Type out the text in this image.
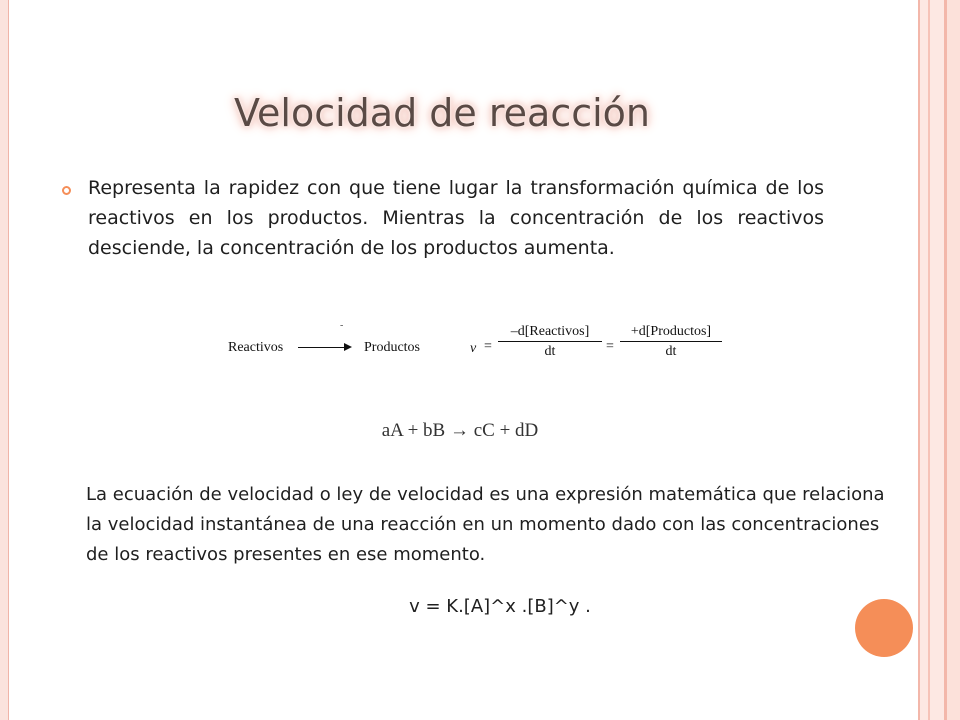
Velocidad de reacción

Representa la rapidez con que tiene lugar la transformación química de los reactivos en los productos. Mientras la concentración de los reactivos desciende, la concentración de los productos aumenta.

-
Reactivos	Productos	v =
–d[Reactivos]
dt	=
+d[Productos]
dt
aA + bB → cC + dD

La ecuación de velocidad o ley de velocidad es una expresión matemática que relaciona la velocidad instantánea de una reacción en un momento dado con las concentraciones de los reactivos presentes en ese momento.

v = K.[A]^x .[B]^y .
